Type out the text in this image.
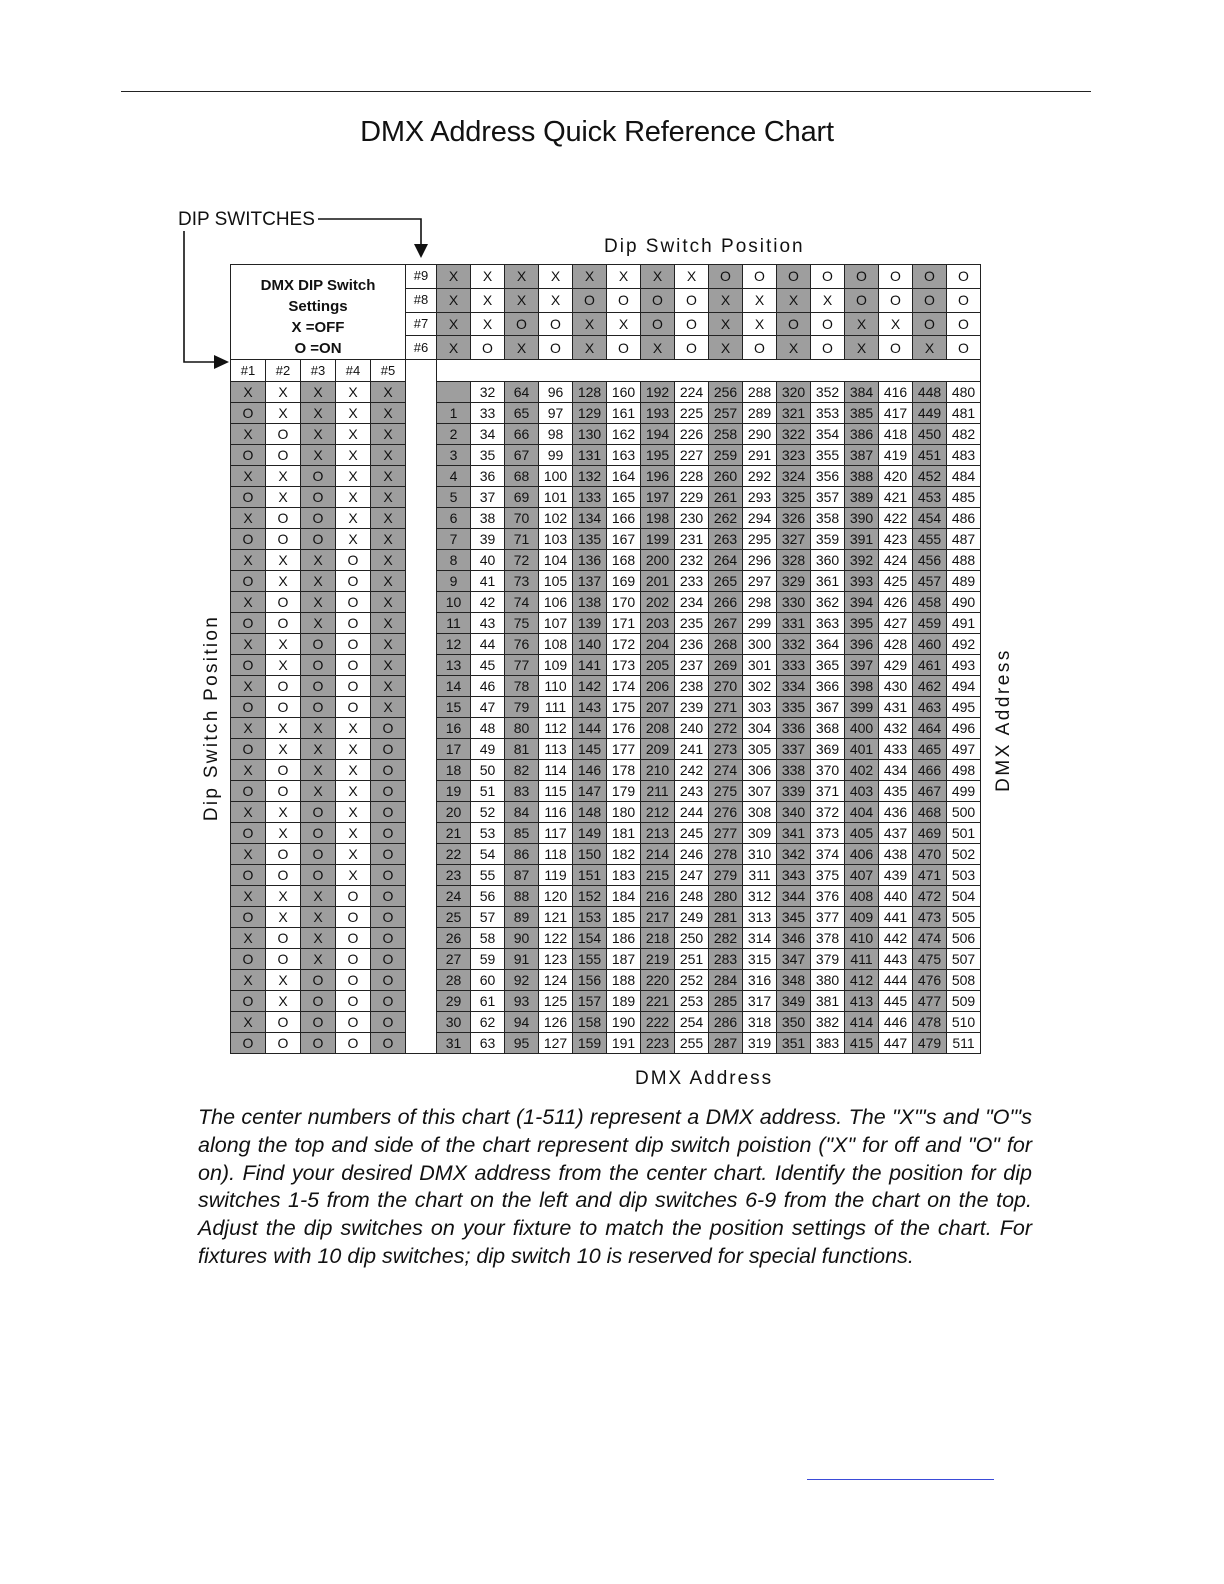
DMX Address Quick Reference Chart
DIP SWITCHES
Dip Switch Position
Dip Switch Position	DMX Address
DMX DIP Switch Settings
X =OFF
O =ON					#9	X	X	X	X	X	X	X	X	O	O	O	O	O	O	O	O
					#8	X	X	X	X	O	O	O	O	X	X	X	X	O	O	O	O
					#7	X	X	O	O	X	X	O	O	X	X	O	O	X	X	O	O
					#6	X	O	X	O	X	O	X	O	X	O	X	O	X	O	X	O
#1	#2	#3	#4	#5																	
X	X	X	X	X			32	64	96	128	160	192	224	256	288	320	352	384	416	448	480
O	X	X	X	X		1	33	65	97	129	161	193	225	257	289	321	353	385	417	449	481
X	O	X	X	X		2	34	66	98	130	162	194	226	258	290	322	354	386	418	450	482
O	O	X	X	X		3	35	67	99	131	163	195	227	259	291	323	355	387	419	451	483
X	X	O	X	X		4	36	68	100	132	164	196	228	260	292	324	356	388	420	452	484
O	X	O	X	X		5	37	69	101	133	165	197	229	261	293	325	357	389	421	453	485
X	O	O	X	X		6	38	70	102	134	166	198	230	262	294	326	358	390	422	454	486
O	O	O	X	X		7	39	71	103	135	167	199	231	263	295	327	359	391	423	455	487
X	X	X	O	X		8	40	72	104	136	168	200	232	264	296	328	360	392	424	456	488
O	X	X	O	X		9	41	73	105	137	169	201	233	265	297	329	361	393	425	457	489
X	O	X	O	X		10	42	74	106	138	170	202	234	266	298	330	362	394	426	458	490
O	O	X	O	X		11	43	75	107	139	171	203	235	267	299	331	363	395	427	459	491
X	X	O	O	X		12	44	76	108	140	172	204	236	268	300	332	364	396	428	460	492
O	X	O	O	X		13	45	77	109	141	173	205	237	269	301	333	365	397	429	461	493
X	O	O	O	X		14	46	78	110	142	174	206	238	270	302	334	366	398	430	462	494
O	O	O	O	X		15	47	79	111	143	175	207	239	271	303	335	367	399	431	463	495
X	X	X	X	O		16	48	80	112	144	176	208	240	272	304	336	368	400	432	464	496
O	X	X	X	O		17	49	81	113	145	177	209	241	273	305	337	369	401	433	465	497
X	O	X	X	O		18	50	82	114	146	178	210	242	274	306	338	370	402	434	466	498
O	O	X	X	O		19	51	83	115	147	179	211	243	275	307	339	371	403	435	467	499
X	X	O	X	O		20	52	84	116	148	180	212	244	276	308	340	372	404	436	468	500
O	X	O	X	O		21	53	85	117	149	181	213	245	277	309	341	373	405	437	469	501
X	O	O	X	O		22	54	86	118	150	182	214	246	278	310	342	374	406	438	470	502
O	O	O	X	O		23	55	87	119	151	183	215	247	279	311	343	375	407	439	471	503
X	X	X	O	O		24	56	88	120	152	184	216	248	280	312	344	376	408	440	472	504
O	X	X	O	O		25	57	89	121	153	185	217	249	281	313	345	377	409	441	473	505
X	O	X	O	O		26	58	90	122	154	186	218	250	282	314	346	378	410	442	474	506
O	O	X	O	O		27	59	91	123	155	187	219	251	283	315	347	379	411	443	475	507
X	X	O	O	O		28	60	92	124	156	188	220	252	284	316	348	380	412	444	476	508
O	X	O	O	O		29	61	93	125	157	189	221	253	285	317	349	381	413	445	477	509
X	O	O	O	O		30	62	94	126	158	190	222	254	286	318	350	382	414	446	478	510
O	O	O	O	O		31	63	95	127	159	191	223	255	287	319	351	383	415	447	479	511
DMX Address
The center numbers of this chart (1-511) represent a DMX address. The "X"'s and "O"'s along the top and side of the chart represent dip switch poistion ("X" for off and "O" for on). Find your desired DMX address from the center chart. Identify the position for dip switches 1-5 from the chart on the left and dip switches 6-9 from the chart on the top. Adjust the dip switches on your fixture to match the position settings of the chart. For fixtures with 10 dip switches; dip switch 10 is reserved for special functions.
